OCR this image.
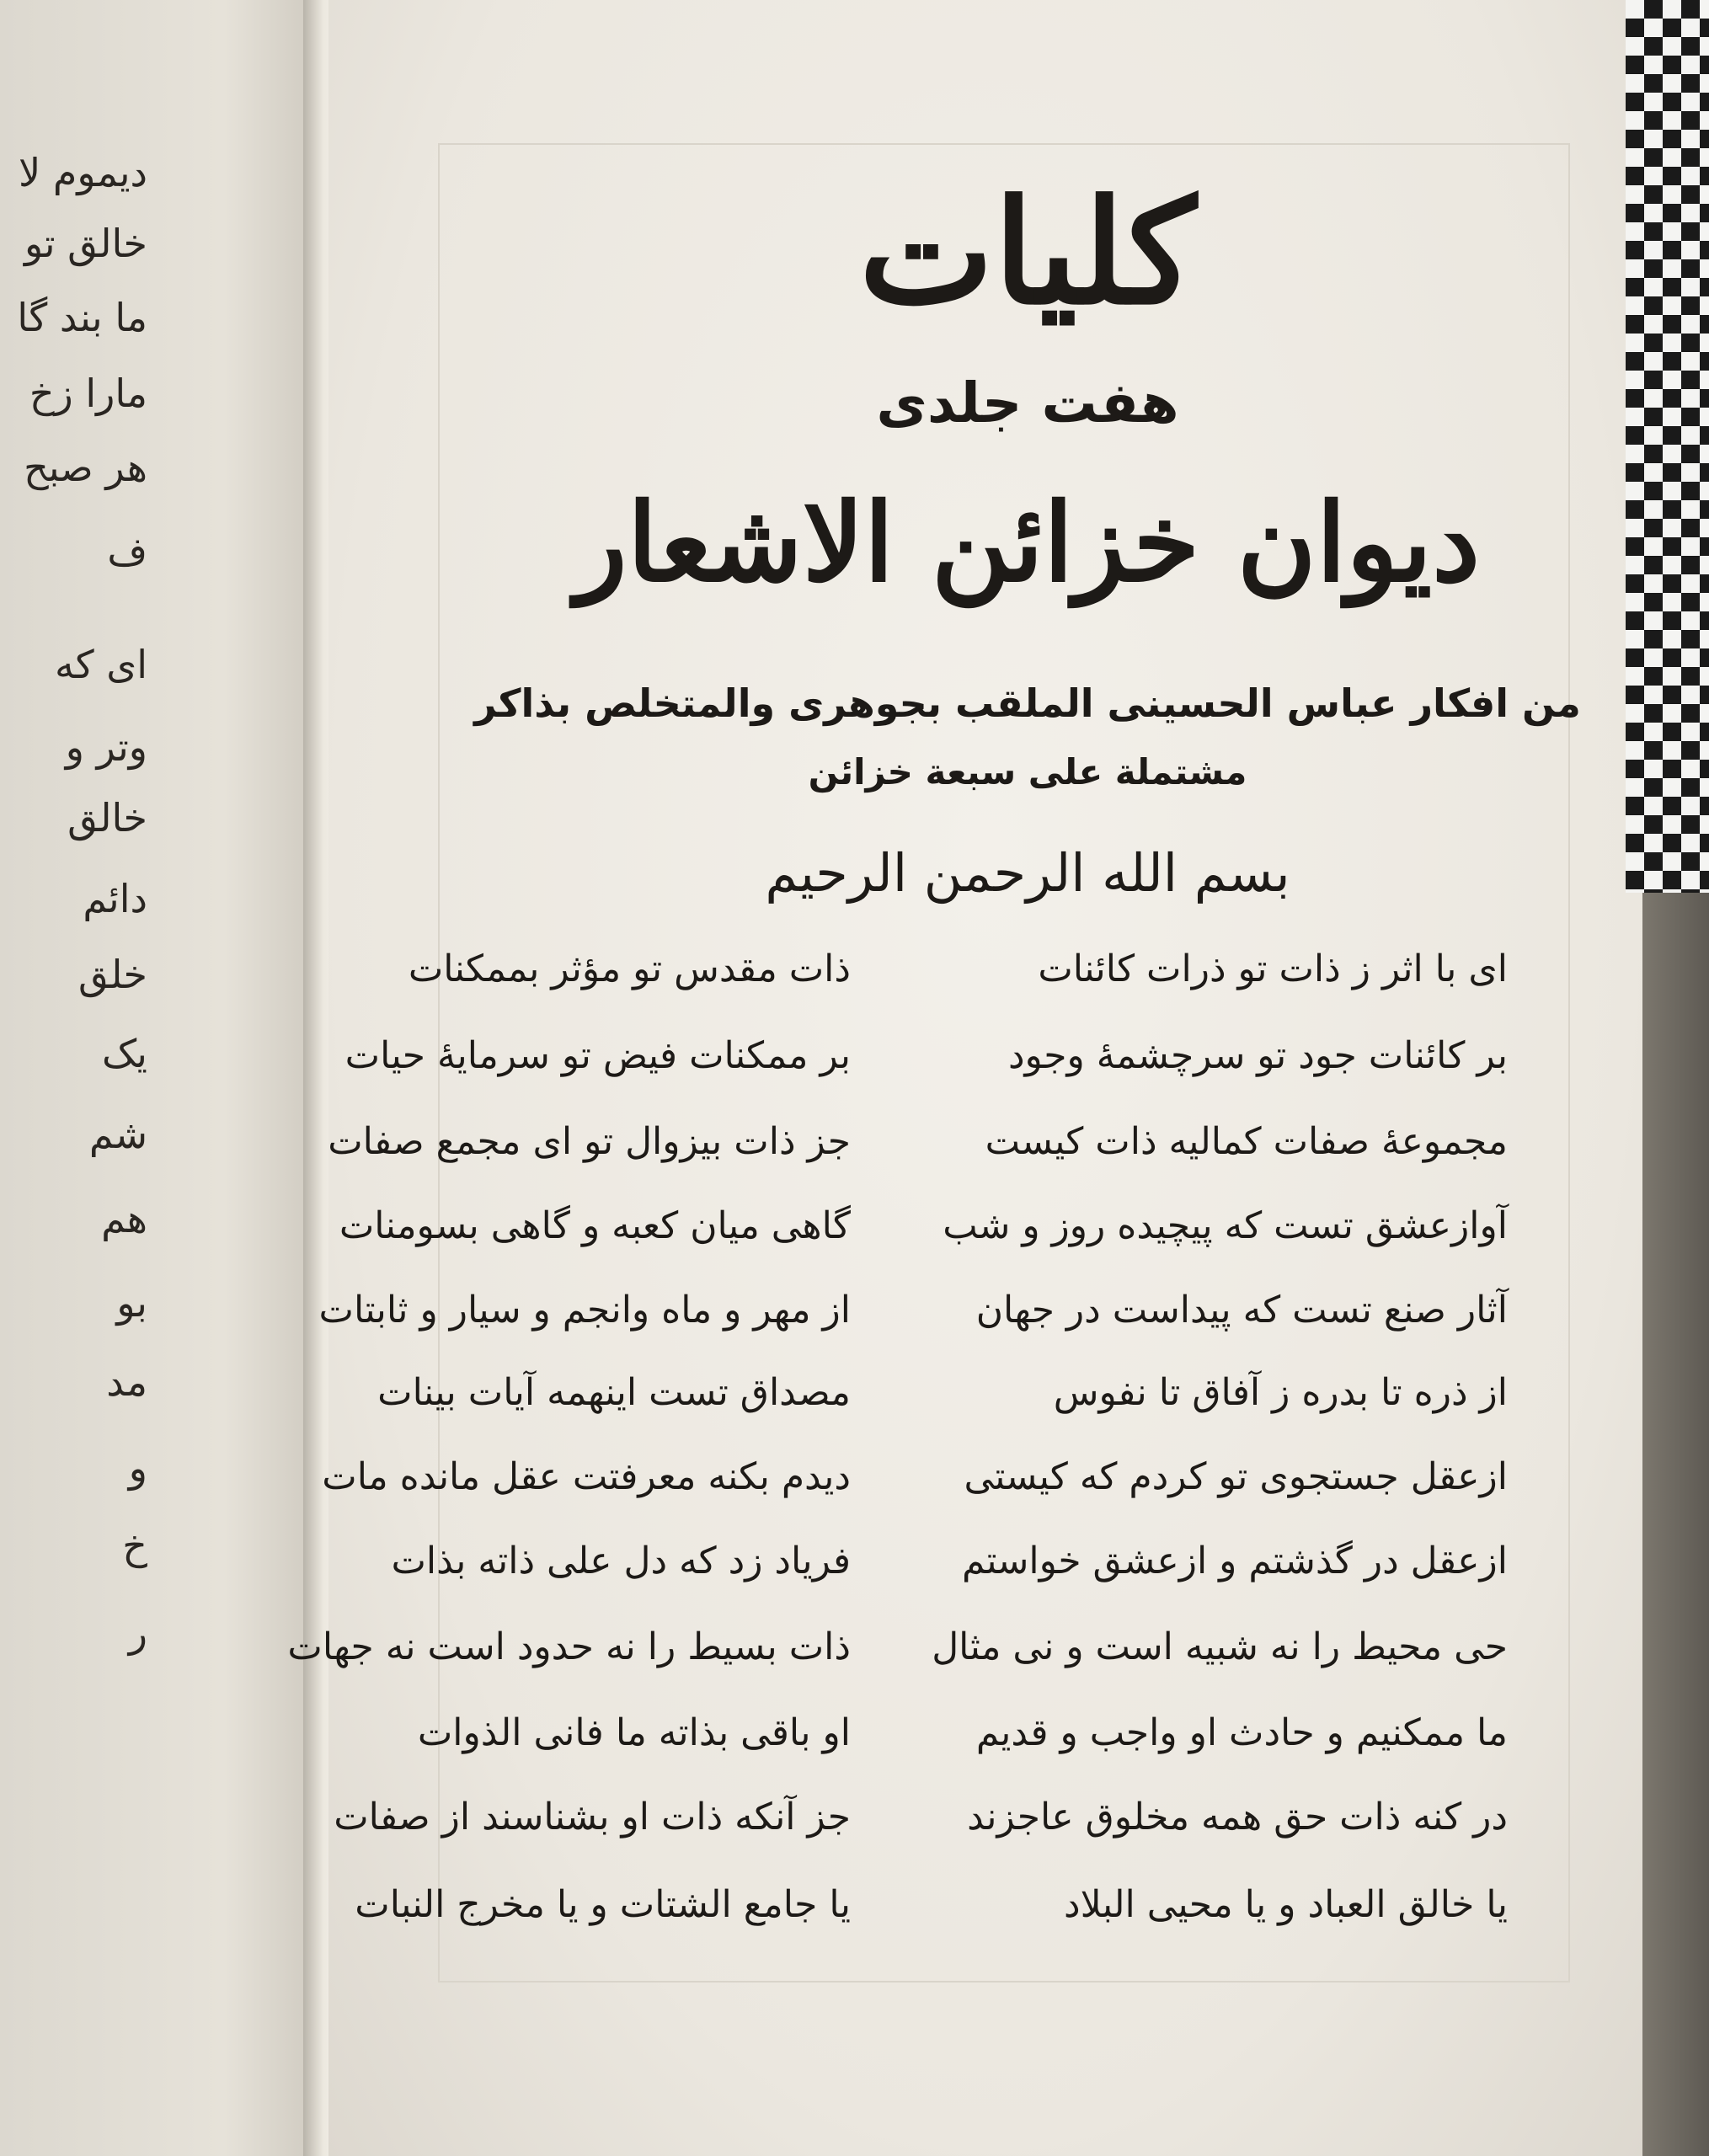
دیموم لا
خالق تو
ما بند گا
مارا زخ
هر صبح
ف
ای که
وتر و
خالق
دائم
خلق
یک
شم
هم
بو
مد
و
خ
ر
کلیات
هفت جلدی
دیوان خزائن الاشعار
من افکار عباس الحسینی الملقب بجوهری والمتخلص بذاکر
مشتملة علی سبعة خزائن
بسم الله الرحمن الرحیم
ای با اثر ز ذات تو ذرات کائنات
ذات مقدس تو مؤثر بممکنات
بر کائنات جود تو سرچشمهٔ وجود
بر ممکنات فیض تو سرمایهٔ حیات
مجموعهٔ صفات کمالیه ذات کیست
جز ذات بیزوال تو ای مجمع صفات
آوازعشق تست که پیچیده روز و شب
گاهی میان کعبه و گاهی بسومنات
آثار صنع تست که پیداست در جهان
از مهر و ماه وانجم و سیار و ثابتات
از ذره تا بدره ز آفاق تا نفوس
مصداق تست اینهمه آیات بینات
ازعقل جستجوی تو کردم که کیستی
دیدم بکنه معرفتت عقل مانده مات
ازعقل در گذشتم و ازعشق خواستم
فریاد زد که دل علی ذاته بذات
حی محیط را نه شبیه است و نی مثال
ذات بسیط را نه حدود است نه جهات
ما ممکنیم و حادث او واجب و قدیم
او باقی بذاته ما فانی الذوات
در کنه ذات حق همه مخلوق عاجزند
جز آنکه ذات او بشناسند از صفات
یا خالق العباد و یا محیی البلاد
یا جامع الشتات و یا مخرج النبات
